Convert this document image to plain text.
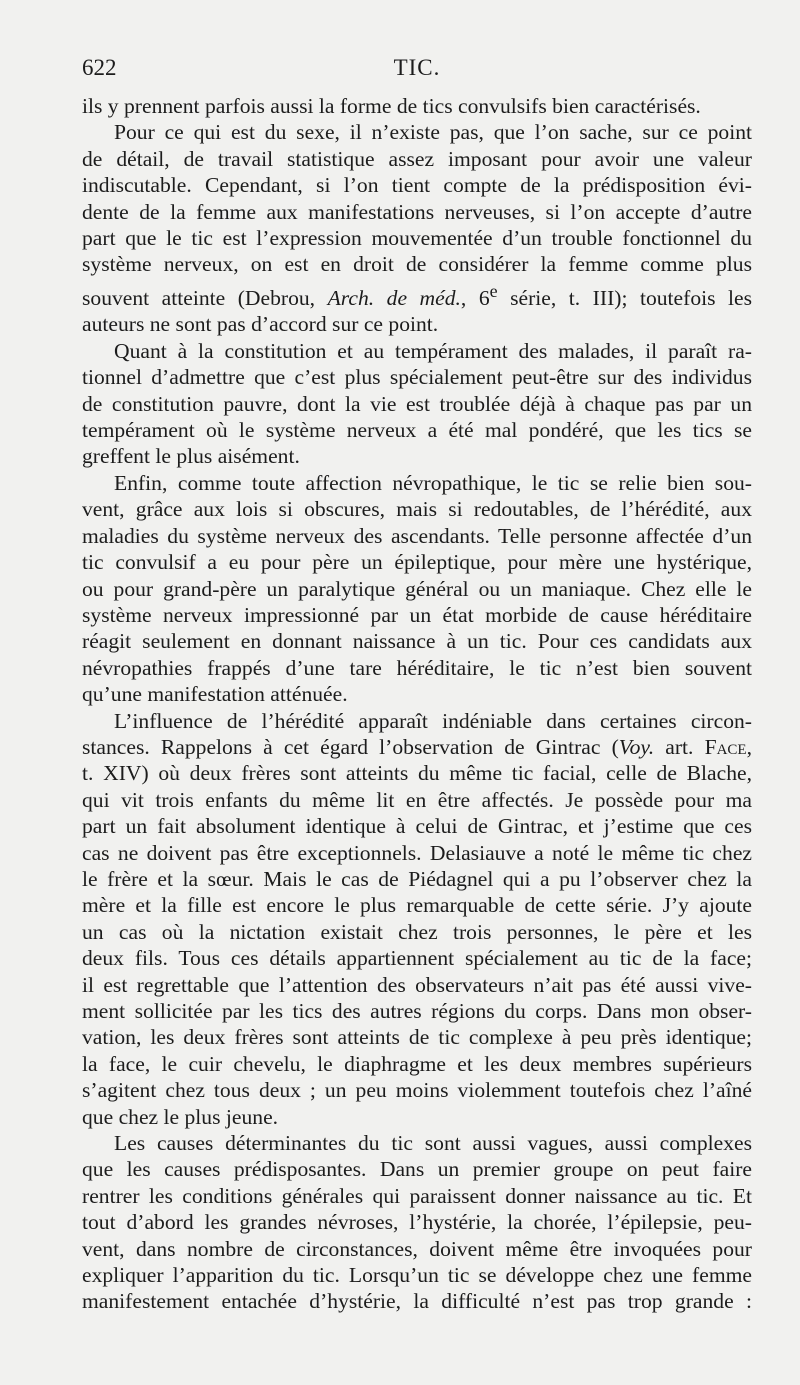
622	TIC.

ils y prennent parfois aussi la forme de tics convulsifs bien caractérisés.

Pour ce qui est du sexe, il n’existe pas, que l’on sache, sur ce point

de détail, de travail statistique assez imposant pour avoir une valeur

indiscutable. Cependant, si l’on tient compte de la prédisposition évi-

dente de la femme aux manifestations nerveuses, si l’on accepte d’autre

part que le tic est l’expression mouvementée d’un trouble fonctionnel du

système nerveux, on est en droit de considérer la femme comme plus

souvent atteinte (Debrou, Arch. de méd., 6e série, t. III); toutefois les

auteurs ne sont pas d’accord sur ce point.

Quant à la constitution et au tempérament des malades, il paraît ra-

tionnel d’admettre que c’est plus spécialement peut-être sur des individus

de constitution pauvre, dont la vie est troublée déjà à chaque pas par un

tempérament où le système nerveux a été mal pondéré, que les tics se

greffent le plus aisément.

Enfin, comme toute affection névropathique, le tic se relie bien sou-

vent, grâce aux lois si obscures, mais si redoutables, de l’hérédité, aux

maladies du système nerveux des ascendants. Telle personne affectée d’un

tic convulsif a eu pour père un épileptique, pour mère une hystérique,

ou pour grand-père un paralytique général ou un maniaque. Chez elle le

système nerveux impressionné par un état morbide de cause héréditaire

réagit seulement en donnant naissance à un tic. Pour ces candidats aux

névropathies frappés d’une tare héréditaire, le tic n’est bien souvent

qu’une manifestation atténuée.

L’influence de l’hérédité apparaît indéniable dans certaines circon-

stances. Rappelons à cet égard l’observation de Gintrac (Voy. art. Face,

t. XIV) où deux frères sont atteints du même tic facial, celle de Blache,

qui vit trois enfants du même lit en être affectés. Je possède pour ma

part un fait absolument identique à celui de Gintrac, et j’estime que ces

cas ne doivent pas être exceptionnels. Delasiauve a noté le même tic chez

le frère et la sœur. Mais le cas de Piédagnel qui a pu l’observer chez la

mère et la fille est encore le plus remarquable de cette série. J’y ajoute

un cas où la nictation existait chez trois personnes, le père et les

deux fils. Tous ces détails appartiennent spécialement au tic de la face;

il est regrettable que l’attention des observateurs n’ait pas été aussi vive-

ment sollicitée par les tics des autres régions du corps. Dans mon obser-

vation, les deux frères sont atteints de tic complexe à peu près identique;

la face, le cuir chevelu, le diaphragme et les deux membres supérieurs

s’agitent chez tous deux ; un peu moins violemment toutefois chez l’aîné

que chez le plus jeune.

Les causes déterminantes du tic sont aussi vagues, aussi complexes

que les causes prédisposantes. Dans un premier groupe on peut faire

rentrer les conditions générales qui paraissent donner naissance au tic. Et

tout d’abord les grandes névroses, l’hystérie, la chorée, l’épilepsie, peu-

vent, dans nombre de circonstances, doivent même être invoquées pour

expliquer l’apparition du tic. Lorsqu’un tic se développe chez une femme

manifestement entachée d’hystérie, la difficulté n’est pas trop grande :
